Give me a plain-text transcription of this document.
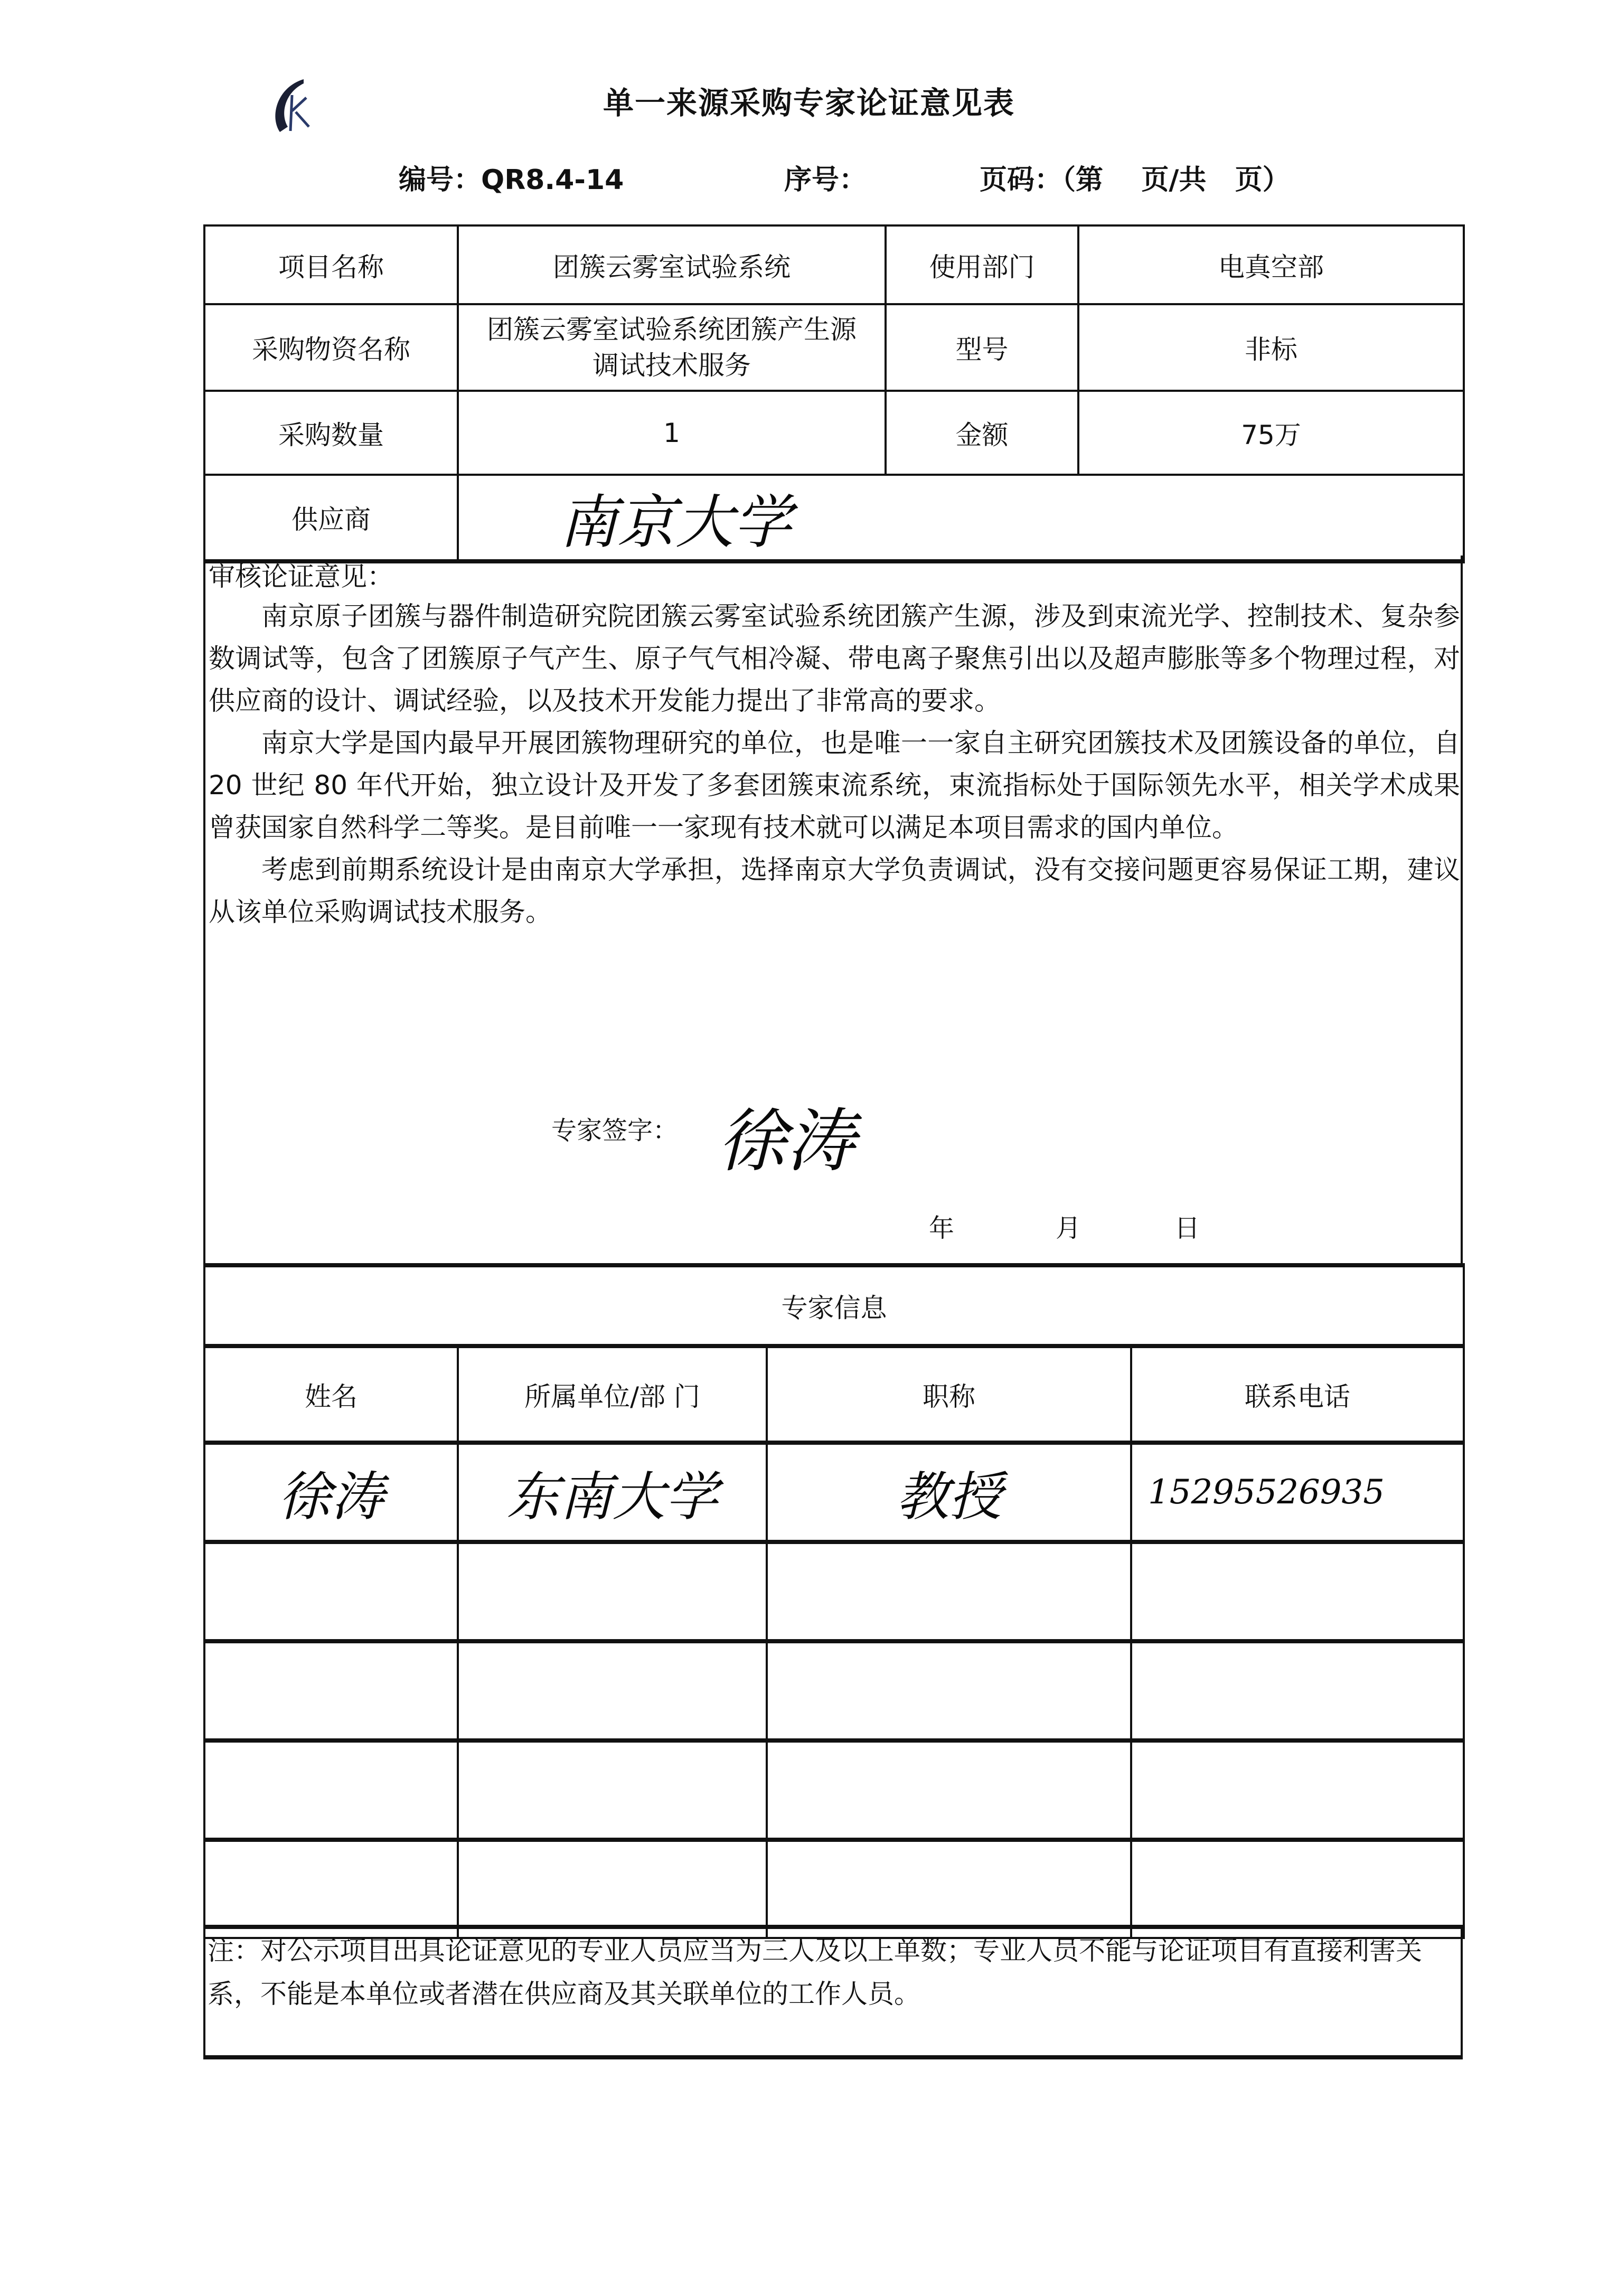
单一来源采购专家论证意见表
编号：QR8.4-14	序号：	页码：（第    页/共   页）
项目名称	团簇云雾室试验系统	使用部门	电真空部
采购物资名称	团簇云雾室试验系统团簇产生源调试技术服务	型号	非标
采购数量	1	金额	75万
供应商	南京大学		
审核论证意见：
南京原子团簇与器件制造研究院团簇云雾室试验系统团簇产生源，涉及到束流光学、控制技术、复杂参数调试等，包含了团簇原子气产生、原子气气相冷凝、带电离子聚焦引出以及超声膨胀等多个物理过程，对供应商的设计、调试经验，以及技术开发能力提出了非常高的要求。
南京大学是国内最早开展团簇物理研究的单位，也是唯一一家自主研究团簇技术及团簇设备的单位，自 20 世纪 80 年代开始，独立设计及开发了多套团簇束流系统，束流指标处于国际领先水平，相关学术成果曾获国家自然科学二等奖。是目前唯一一家现有技术就可以满足本项目需求的国内单位。
考虑到前期系统设计是由南京大学承担，选择南京大学负责调试，没有交接问题更容易保证工期，建议从该单位采购调试技术服务。
专家签字： 徐涛
年	月	日
专家信息			
姓名	所属单位/部 门	职称	联系电话
徐涛	东南大学	教授	15295526935

注：对公示项目出具论证意见的专业人员应当为三人及以上单数；专业人员不能与论证项目有直接利害关系，不能是本单位或者潜在供应商及其关联单位的工作人员。
